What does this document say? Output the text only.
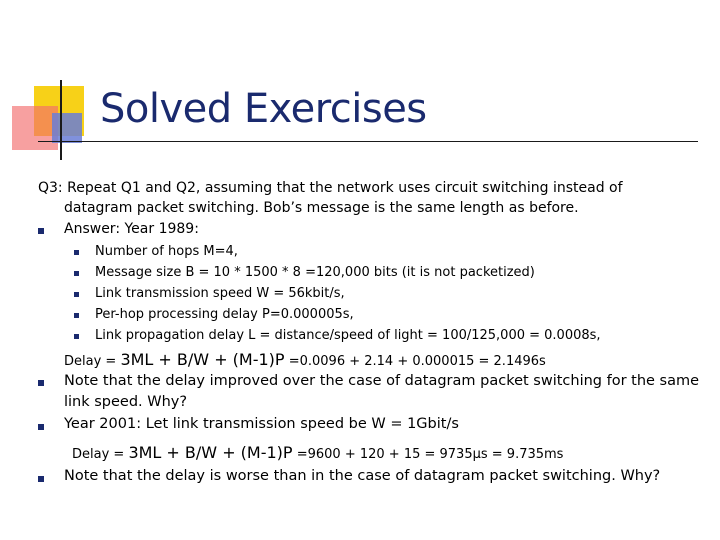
Solved Exercises
Q3: Repeat Q1 and Q2, assuming that the network uses circuit switching instead of
datagram packet switching. Bob’s message is the same length as before.
Answer: Year 1989:
Number of hops M=4,
Message size B = 10 * 1500 * 8 =120,000 bits (it is not packetized)
Link transmission speed W = 56kbit/s,
Per-hop processing delay P=0.000005s,
Link propagation delay L = distance/speed of light = 100/125,000 = 0.0008s,
Delay = 3ML + B/W + (M-1)P =0.0096 + 2.14 + 0.000015 = 2.1496s
Note that the delay improved over the case of datagram packet switching for the same
link speed. Why?
Year 2001: Let link transmission speed be W = 1Gbit/s
Delay = 3ML + B/W + (M-1)P =9600 + 120 + 15 = 9735µs = 9.735ms
Note that the delay is worse than in the case of datagram packet switching. Why?
